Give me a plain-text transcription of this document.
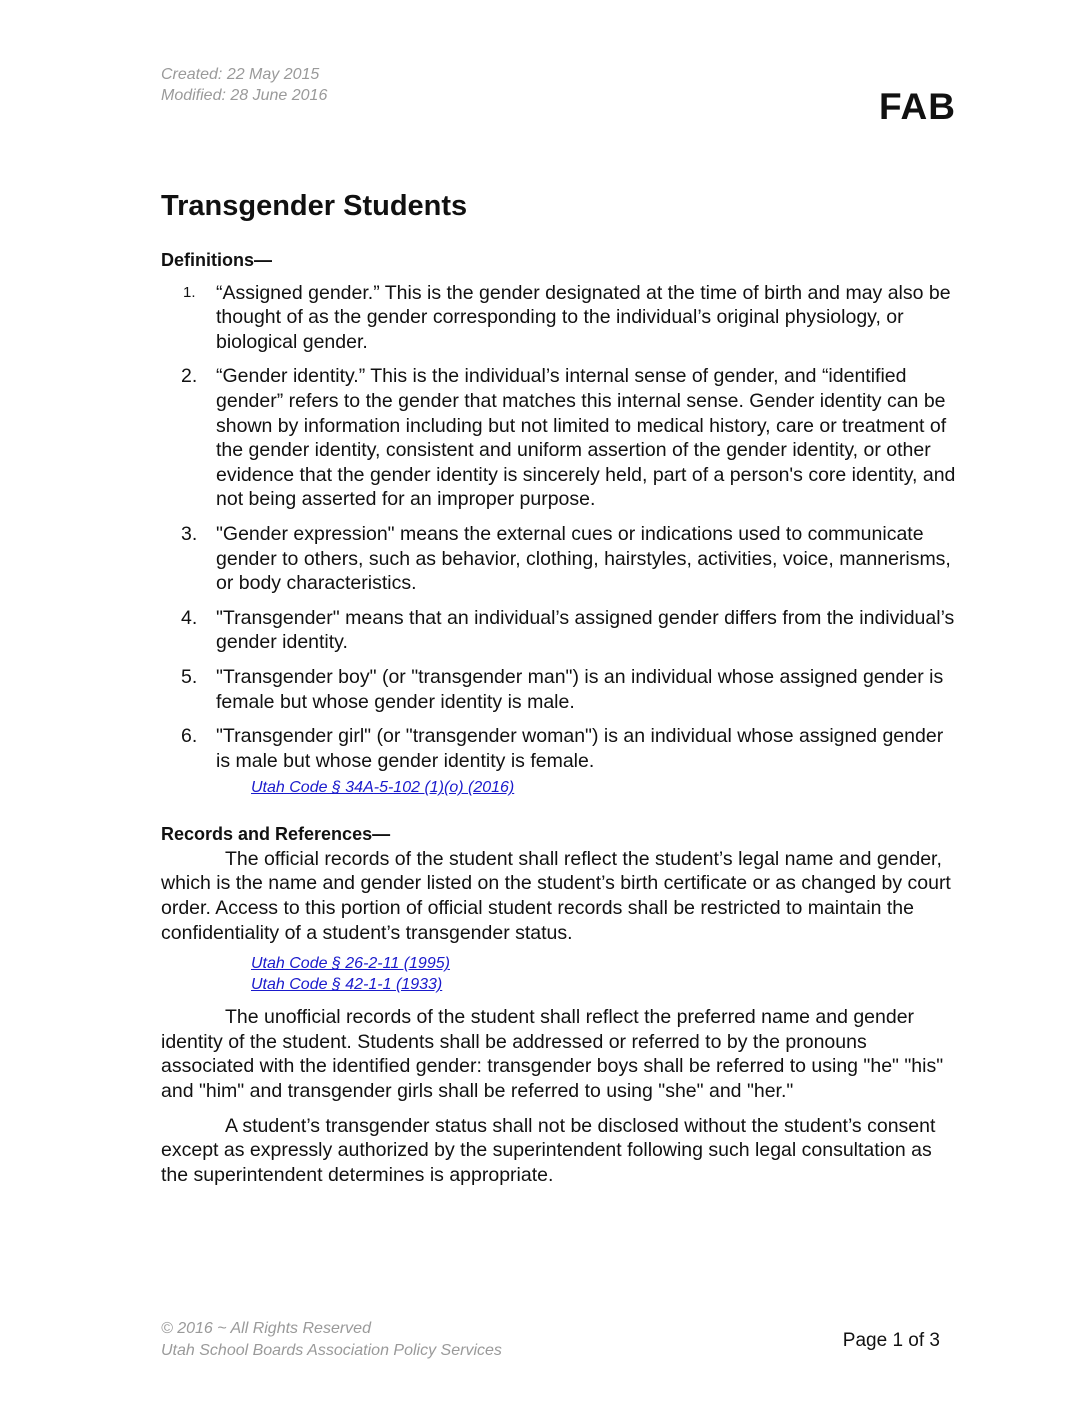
Created: 22 May 2015
Modified: 28 June 2016	FAB
Transgender Students
Definitions—
1. “Assigned gender.” This is the gender designated at the time of birth and may also be thought of as the gender corresponding to the individual’s original physiology, or biological gender.
2. “Gender identity.” This is the individual’s internal sense of gender, and “identified gender” refers to the gender that matches this internal sense. Gender identity can be shown by information including but not limited to medical history, care or treatment of the gender identity, consistent and uniform assertion of the gender identity, or other evidence that the gender identity is sincerely held, part of a person's core identity, and not being asserted for an improper purpose.
3. "Gender expression" means the external cues or indications used to communicate gender to others, such as behavior, clothing, hairstyles, activities, voice, mannerisms, or body characteristics.
4. "Transgender" means that an individual’s assigned gender differs from the individual’s gender identity.
5. "Transgender boy" (or "transgender man") is an individual whose assigned gender is female but whose gender identity is male.
6. "Transgender girl" (or "transgender woman") is an individual whose assigned gender is male but whose gender identity is female.
Utah Code § 34A-5-102 (1)(o) (2016)
Records and References—

The official records of the student shall reflect the student’s legal name and gender, which is the name and gender listed on the student’s birth certificate or as changed by court order. Access to this portion of official student records shall be restricted to maintain the confidentiality of a student’s transgender status.

Utah Code § 26-2-11 (1995)
Utah Code § 42-1-1 (1933)

The unofficial records of the student shall reflect the preferred name and gender identity of the student. Students shall be addressed or referred to by the pronouns associated with the identified gender: transgender boys shall be referred to using "he" "his" and "him" and transgender girls shall be referred to using "she" and "her."

A student’s transgender status shall not be disclosed without the student’s consent except as expressly authorized by the superintendent following such legal consultation as the superintendent determines is appropriate.

© 2016 ~ All Rights Reserved
Utah School Boards Association Policy Services	Page 1 of 3
